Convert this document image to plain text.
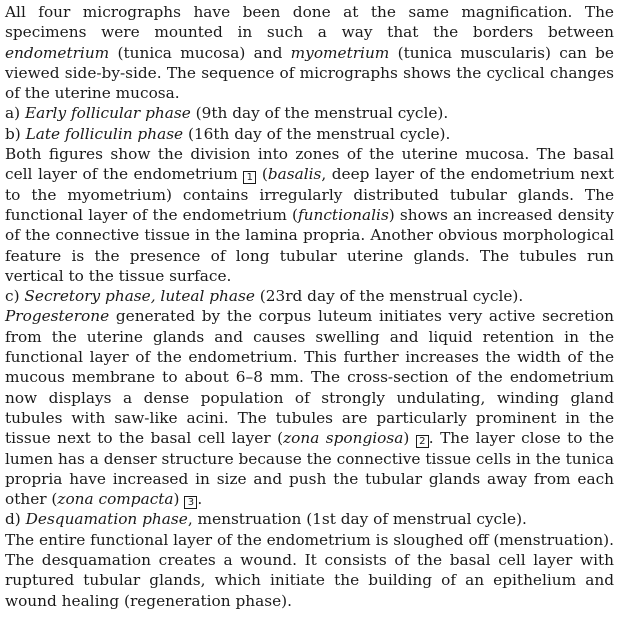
All four micrographs have been done at the same magnification. The specimens were mounted in such a way that the borders between endometrium (tunica mucosa) and myometrium (tunica muscularis) can be viewed side-by-side. The sequence of micrographs shows the cyclical changes of the uterine mucosa.

a) Early follicular phase (9th day of the menstrual cycle).

b) Late folliculin phase (16th day of the menstrual cycle).

Both figures show the division into zones of the uterine mucosa. The basal cell layer of the endometrium 1 (basalis, deep layer of the endometrium next to the myometrium) contains irregularly distributed tubular glands. The functional layer of the endometrium (functionalis) shows an increased density of the connective tissue in the lamina propria. Another obvious morphological feature is the presence of long tubular uterine glands. The tubules run vertical to the tissue surface.

c) Secretory phase, luteal phase (23rd day of the menstrual cycle).

Progesterone generated by the corpus luteum initiates very active secretion from the uterine glands and causes swelling and liquid retention in the functional layer of the endometrium. This further increases the width of the mucous membrane to about 6–8 mm. The cross-section of the endometrium now displays a dense population of strongly undulating, winding gland tubules with saw-like acini. The tubules are particularly prominent in the tissue next to the basal cell layer (zona spongiosa) 2 . The layer close to the lumen has a denser structure because the connective tissue cells in the tunica propria have increased in size and push the tubular glands away from each other (zona compacta) 3 .

d) Desquamation phase, menstruation (1st day of menstrual cycle).

The entire functional layer of the endometrium is sloughed off (menstruation). The desquamation creates a wound. It consists of the basal cell layer with ruptured tubular glands, which initiate the building of an epithelium and wound healing (regeneration phase).
